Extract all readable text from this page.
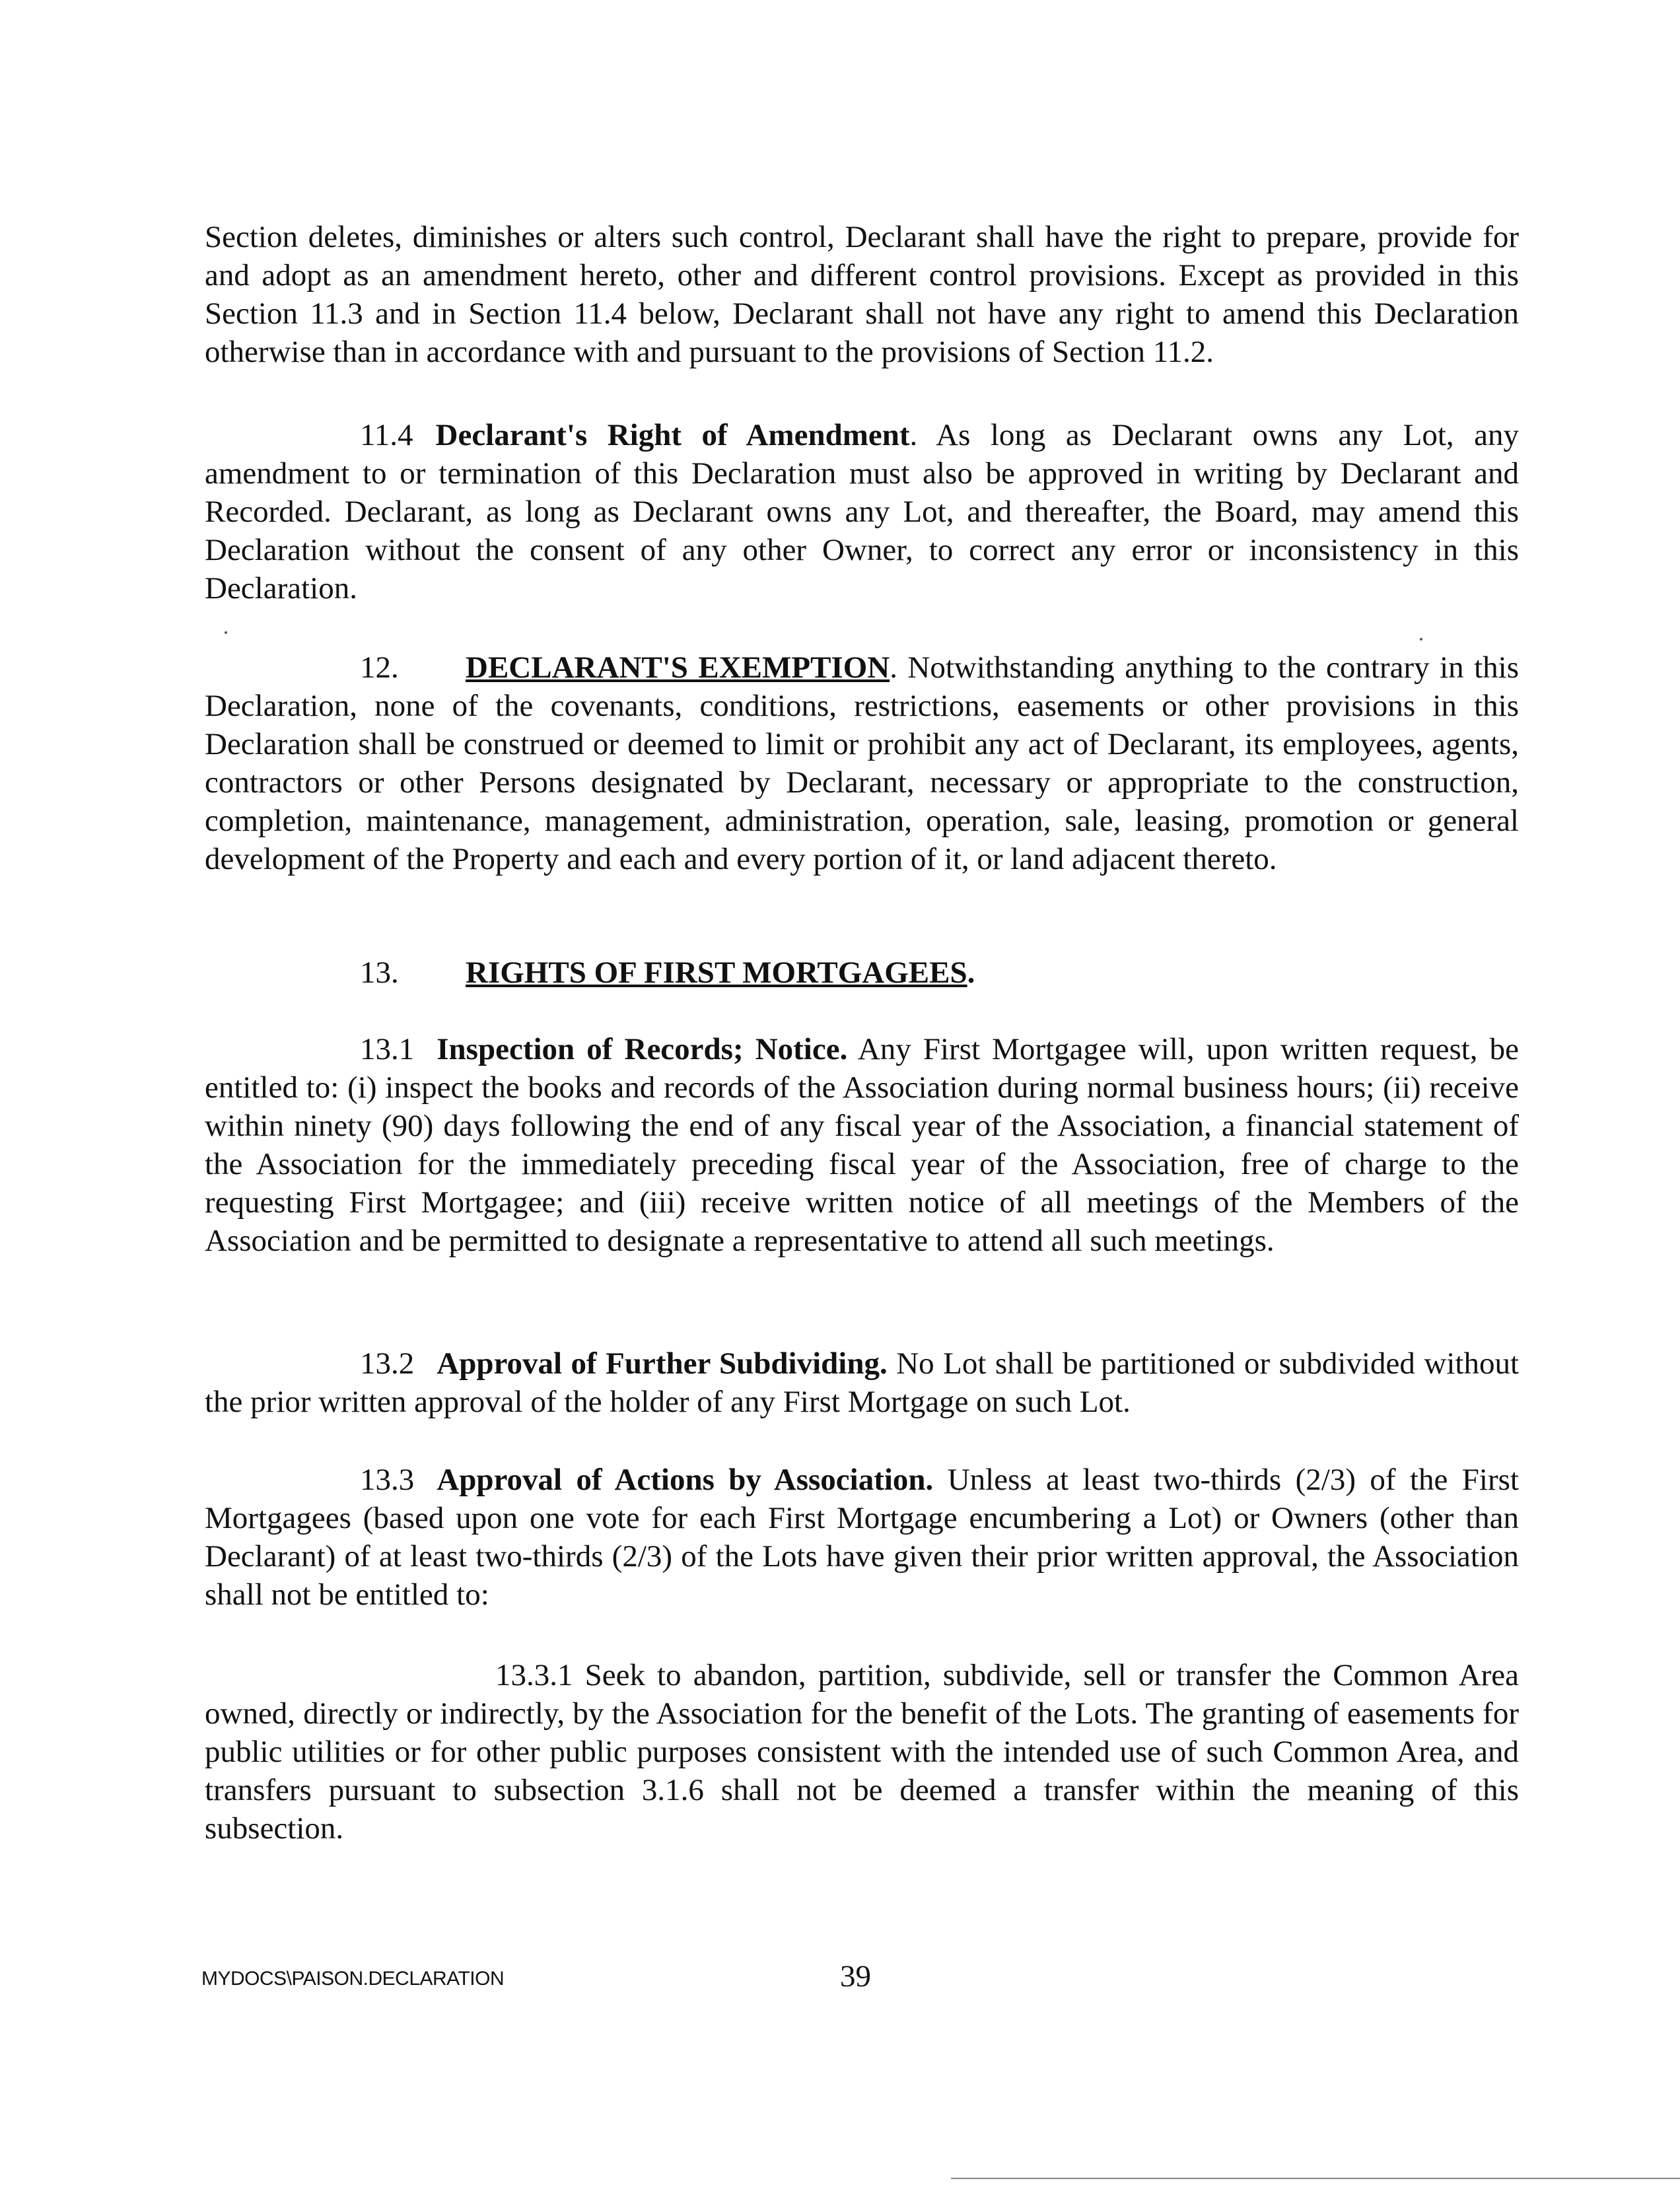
Section deletes, diminishes or alters such control, Declarant shall have the right to prepare, provide for and adopt as an amendment hereto, other and different control provisions. Except as provided in this Section 11.3 and in Section 11.4 below, Declarant shall not have any right to amend this Declaration otherwise than in accordance with and pursuant to the provisions of Section 11.2.

11.4 Declarant's Right of Amendment. As long as Declarant owns any Lot, any amendment to or termination of this Declaration must also be approved in writing by Declarant and Recorded. Declarant, as long as Declarant owns any Lot, and thereafter, the Board, may amend this Declaration without the consent of any other Owner, to correct any error or inconsistency in this Declaration.

12. DECLARANT'S EXEMPTION. Notwithstanding anything to the contrary in this Declaration, none of the covenants, conditions, restrictions, easements or other provisions in this Declaration shall be construed or deemed to limit or prohibit any act of Declarant, its employees, agents, contractors or other Persons designated by Declarant, necessary or appropriate to the construction, completion, maintenance, management, administration, operation, sale, leasing, promotion or general development of the Property and each and every portion of it, or land adjacent thereto.

13. RIGHTS OF FIRST MORTGAGEES.

13.1 Inspection of Records; Notice. Any First Mortgagee will, upon written request, be entitled to: (i) inspect the books and records of the Association during normal business hours; (ii) receive within ninety (90) days following the end of any fiscal year of the Association, a financial statement of the Association for the immediately preceding fiscal year of the Association, free of charge to the requesting First Mortgagee; and (iii) receive written notice of all meetings of the Members of the Association and be permitted to designate a representative to attend all such meetings.

13.2 Approval of Further Subdividing. No Lot shall be partitioned or subdivided without the prior written approval of the holder of any First Mortgage on such Lot.

13.3 Approval of Actions by Association. Unless at least two-thirds (2/3) of the First Mortgagees (based upon one vote for each First Mortgage encumbering a Lot) or Owners (other than Declarant) of at least two-thirds (2/3) of the Lots have given their prior written approval, the Association shall not be entitled to:

13.3.1 Seek to abandon, partition, subdivide, sell or transfer the Common Area owned, directly or indirectly, by the Association for the benefit of the Lots. The granting of easements for public utilities or for other public purposes consistent with the intended use of such Common Area, and transfers pursuant to subsection 3.1.6 shall not be deemed a transfer within the meaning of this subsection.

MYDOCS\PAISON.DECLARATION	39
